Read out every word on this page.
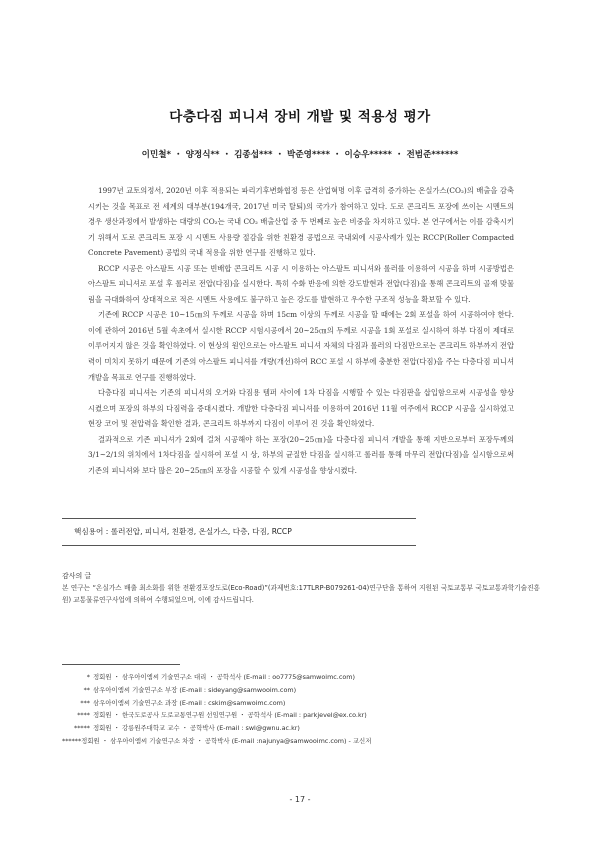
다층다짐 피니셔 장비 개발 및 적용성 평가
이민철* ・ 양정식** ・ 김종섭*** ・ 박준영**** ・ 이승우***** ・ 전범준******

1997년 교토의정서, 2020년 이후 적용되는 파리기후변화협정 등은 산업혁명 이후 급격히 증가하는 온실가스(CO₂)의 배출을 감축시키는 것을 목표로 전 세계의 대부분(194개국, 2017년 미국 탈퇴)의 국가가 참여하고 있다. 도로 콘크리트 포장에 쓰이는 시멘트의 경우 생산과정에서 발생하는 대량의 CO₂는 국내 CO₂ 배출산업 중 두 번째로 높은 비중을 차지하고 있다. 본 연구에서는 이를 감축시키기 위해서 도로 콘크리트 포장 시 시멘트 사용량 절감을 위한 친환경 공법으로 국내외에 시공사례가 있는 RCCP(Roller Compacted Concrete Pavement) 공법의 국내 적용을 위한 연구를 진행하고 있다.

RCCP 시공은 아스팔트 시공 또는 빈배합 콘크리트 시공 시 이용하는 아스팔트 피니셔와 롤러를 이용하여 시공을 하며 시공방법은 아스팔트 피니셔로 포설 후 롤러로 전압(다짐)을 실시한다. 특히 수화 반응에 의한 강도발현과 전압(다짐)을 통해 콘크리트의 골재 맞물림을 극대화하여 상대적으로 적은 시멘트 사용에도 불구하고 높은 강도를 발현하고 우수한 구조적 성능을 확보할 수 있다.

기존에 RCCP 시공은 10~15㎝의 두께로 시공을 하며 15cm 이상의 두께로 시공을 할 때에는 2회 포설을 하여 시공하여야 한다. 이에 관하여 2016년 5월 속초에서 실시한 RCCP 시험시공에서 20~25㎝의 두께로 시공을 1회 포설로 실시하여 하부 다짐이 제대로 이루어지지 않은 것을 확인하였다. 이 현상의 원인으로는 아스팔트 피니셔 자체의 다짐과 롤러의 다짐만으로는 콘크리트 하부까지 전압력이 미치지 못하기 때문에 기존의 아스팔트 피니셔를 개량(개선)하여 RCC 포설 시 하부에 충분한 전압(다짐)을 주는 다층다짐 피니셔 개발을 목표로 연구를 진행하였다.

다층다짐 피니셔는 기존의 피니셔의 오거와 다짐용 템퍼 사이에 1차 다짐을 시행할 수 있는 다짐판을 삽입함으로써 시공성을 향상 시켰으며 포장의 하부의 다짐력을 증대시켰다. 개발한 다층다짐 피니셔를 이용하여 2016년 11월 여주에서 RCCP 시공을 실시하였고 현장 코어 및 전압력을 확인한 결과, 콘크리트 하부까지 다짐이 이루어 진 것을 확인하였다.

결과적으로 기존 피니셔가 2회에 걸쳐 시공해야 하는 포장(20~25㎝)을 다층다짐 피니셔 개발을 통해 지반으로부터 포장두께의 3/1~2/1의 위치에서 1차다짐을 실시하여 포설 시 상, 하부의 균질한 다짐을 실시하고 롤러를 통해 마무리 전압(다짐)을 실시함으로써 기존의 피니셔와 보다 많은 20~25㎝의 포장을 시공할 수 있게 시공성을 향상시켰다.

핵심용어 : 롤러전압, 피니셔, 친환경, 온실가스, 다층, 다짐, RCCP
감사의 글
본 연구는 “온실가스 배출 최소화를 위한 전환경포장도로(Eco-Road)”(과제번호:17TLRP-B079261-04)연구단을 통하여 지원된 국토교통부 국토교통과학기술진흥원) 교통물류연구사업에 의하여 수행되었으며, 이에 감사드립니다.
* 정회원 ・ 삼우아이엠씨 기술연구소 대리 ・ 공학석사 (E-mail : oo7775@samwoimc.com)
** 삼우아이엠씨 기술연구소 부장 (E-mail : sideyang@samwooim.com)
*** 삼우아이엠씨 기술연구소 과장 (E-mail : cskim@samwoimc.com)
**** 정회원 ・ 한국도로공사 도로교통연구원 선임연구원 ・ 공학석사 (E-mail : parkjevel@ex.co.kr)
***** 정회원 ・ 강릉원주대학교 교수 ・ 공학박사 (E-mail : swl@gwnu.ac.kr)
******정회원 ・ 삼우아이엠씨 기술연구소 차장 ・ 공학박사 (E-mail :najunya@samwooimc.com) - 교신저
- 17 -
